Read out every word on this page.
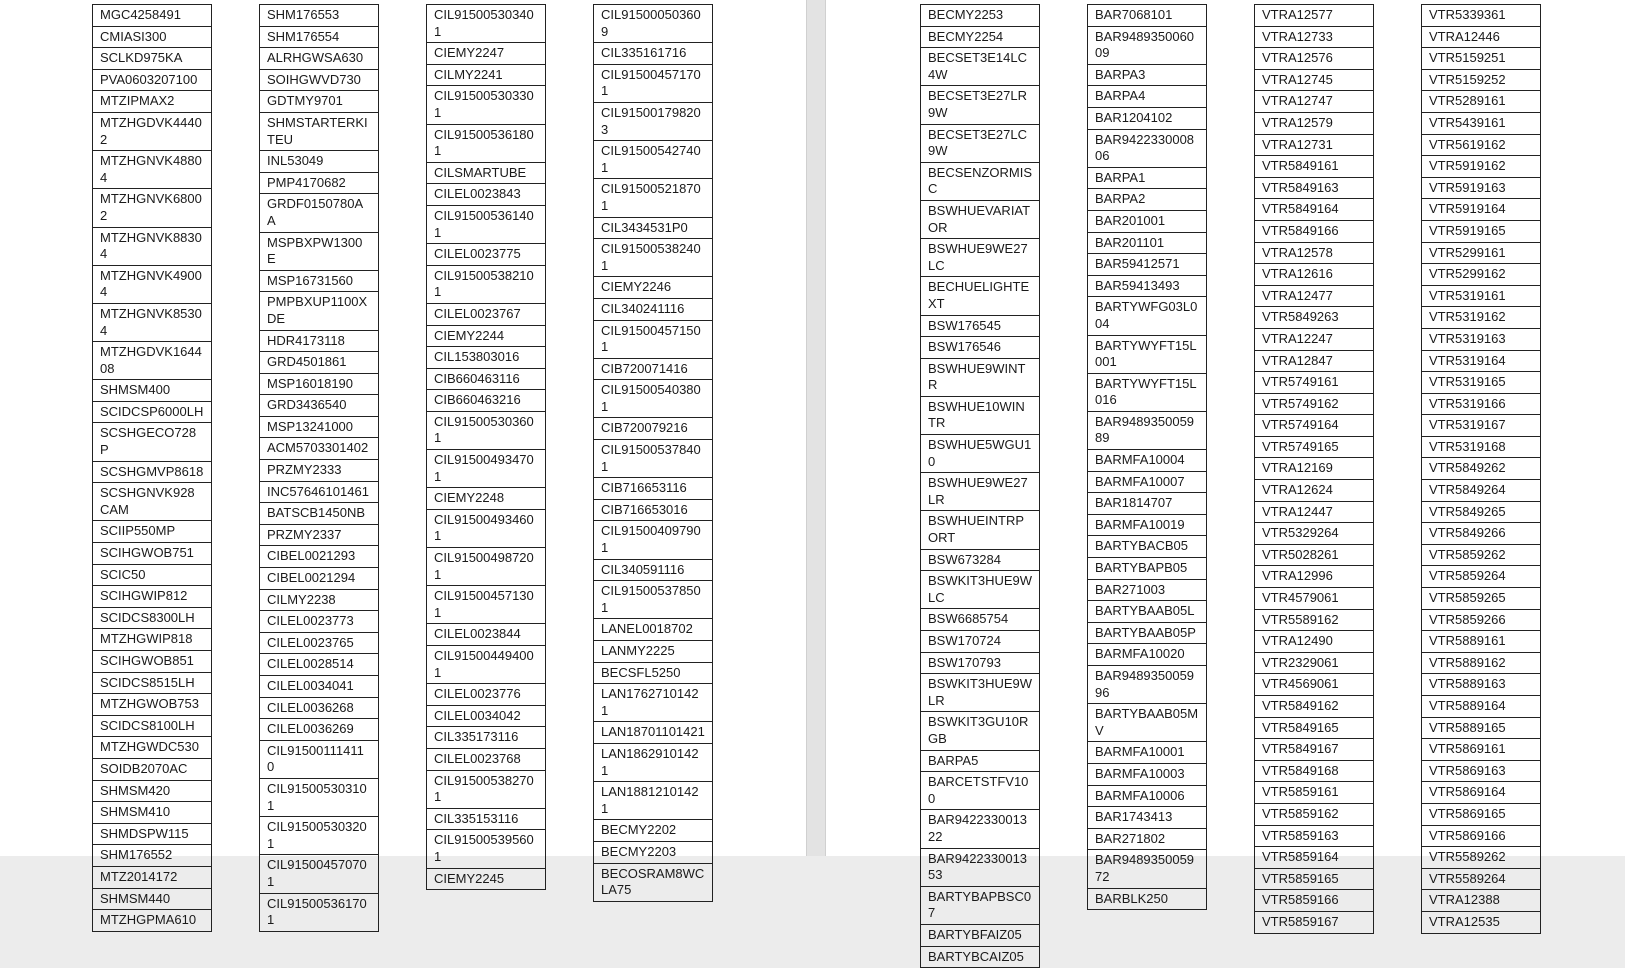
MGC4258491
CMIASI300
SCLKD975KA
PVA0603207100
MTZIPMAX2
MTZHGDVK44402
MTZHGNVK48804
MTZHGNVK68002
MTZHGNVK88304
MTZHGNVK49004
MTZHGNVK85304
MTZHGDVK164408
SHMSM400
SCIDCSP6000LH
SCSHGECO728P
SCSHGMVP8618
SCSHGNVK928CAM
SCIIP550MP
SCIHGWOB751
SCIC50
SCIHGWIP812
SCIDCS8300LH
MTZHGWIP818
SCIHGWOB851
SCIDCS8515LH
MTZHGWOB753
SCIDCS8100LH
MTZHGWDC530
SOIDB2070AC
SHMSM420
SHMSM410
SHMDSPW115
SHM176552
MTZ2014172
SHMSM440
MTZHGPMA610
SHM176553
SHM176554
ALRHGWSA630
SOIHGWVD730
GDTMY9701
SHMSTARTERKITEU
INL53049
PMP4170682
GRDF0150780AA
MSPBXPW1300E
MSP16731560
PMPBXUP1100XDE
HDR4173118
GRD4501861
MSP16018190
GRD3436540
MSP13241000
ACM5703301402
PRZMY2333
INC57646101461
BATSCB1450NB
PRZMY2337
CIBEL0021293
CIBEL0021294
CILMY2238
CILEL0023773
CILEL0023765
CILEL0028514
CILEL0034041
CILEL0036268
CILEL0036269
CIL915001114110
CIL915005303101
CIL915005303201
CIL915004570701
CIL915005361701
CIL915005303401
CIEMY2247
CILMY2241
CIL915005303301
CIL915005361801
CILSMARTUBE
CILEL0023843
CIL915005361401
CILEL0023775
CIL915005382101
CILEL0023767
CIEMY2244
CIL153803016
CIB660463116
CIB660463216
CIL915005303601
CIL915004934701
CIEMY2248
CIL915004934601
CIL915004987201
CIL915004571301
CILEL0023844
CIL915004494001
CILEL0023776
CILEL0034042
CIL335173116
CILEL0023768
CIL915005382701
CIL335153116
CIL915005395601
CIEMY2245
CIL915000503609
CIL335161716
CIL915004571701
CIL915001798203
CIL915005427401
CIL915005218701
CIL3434531P0
CIL915005382401
CIEMY2246
CIL340241116
CIL915004571501
CIB720071416
CIL915005403801
CIB720079216
CIL915005378401
CIB716653116
CIB716653016
CIL915004097901
CIL340591116
CIL915005378501
LANEL0018702
LANMY2225
BECSFL5250
LAN17627101421
LAN18701101421
LAN18629101421
LAN18812101421
BECMY2202
BECMY2203
BECOSRAM8WCLA75
BECMY2253
BECMY2254
BECSET3E14LC4W
BECSET3E27LR9W
BECSET3E27LC9W
BECSENZORMISC
BSWHUEVARIATOR
BSWHUE9WE27LC
BECHUELIGHTEXT
BSW176545
BSW176546
BSWHUE9WINTR
BSWHUE10WINTR
BSWHUE5WGU10
BSWHUE9WE27LR
BSWHUEINTRPORT
BSW673284
BSWKIT3HUE9WLC
BSW6685754
BSW170724
BSW170793
BSWKIT3HUE9WLR
BSWKIT3GU10RGB
BARPA5
BARCETSTFV100
BAR942233001322
BAR942233001353
BARTYBAPBSC07
BARTYBFAIZ05
BARTYBCAIZ05
BAR7068101
BAR948935006009
BARPA3
BARPA4
BAR1204102
BAR942233000806
BARPA1
BARPA2
BAR201001
BAR201101
BAR59412571
BAR59413493
BARTYWFG03L004
BARTYWYFT15L001
BARTYWYFT15L016
BAR948935005989
BARMFA10004
BARMFA10007
BAR1814707
BARMFA10019
BARTYBACB05
BARTYBAPB05
BAR271003
BARTYBAAB05L
BARTYBAAB05P
BARMFA10020
BAR948935005996
BARTYBAAB05MV
BARMFA10001
BARMFA10003
BARMFA10006
BAR1743413
BAR271802
BAR948935005972
BARBLK250
VTRA12577
VTRA12733
VTRA12576
VTRA12745
VTRA12747
VTRA12579
VTRA12731
VTR5849161
VTR5849163
VTR5849164
VTR5849166
VTRA12578
VTRA12616
VTRA12477
VTR5849263
VTRA12247
VTRA12847
VTR5749161
VTR5749162
VTR5749164
VTR5749165
VTRA12169
VTRA12624
VTRA12447
VTR5329264
VTR5028261
VTRA12996
VTR4579061
VTR5589162
VTRA12490
VTR2329061
VTR4569061
VTR5849162
VTR5849165
VTR5849167
VTR5849168
VTR5859161
VTR5859162
VTR5859163
VTR5859164
VTR5859165
VTR5859166
VTR5859167
VTR5339361
VTRA12446
VTR5159251
VTR5159252
VTR5289161
VTR5439161
VTR5619162
VTR5919162
VTR5919163
VTR5919164
VTR5919165
VTR5299161
VTR5299162
VTR5319161
VTR5319162
VTR5319163
VTR5319164
VTR5319165
VTR5319166
VTR5319167
VTR5319168
VTR5849262
VTR5849264
VTR5849265
VTR5849266
VTR5859262
VTR5859264
VTR5859265
VTR5859266
VTR5889161
VTR5889162
VTR5889163
VTR5889164
VTR5889165
VTR5869161
VTR5869163
VTR5869164
VTR5869165
VTR5869166
VTR5589262
VTR5589264
VTRA12388
VTRA12535
